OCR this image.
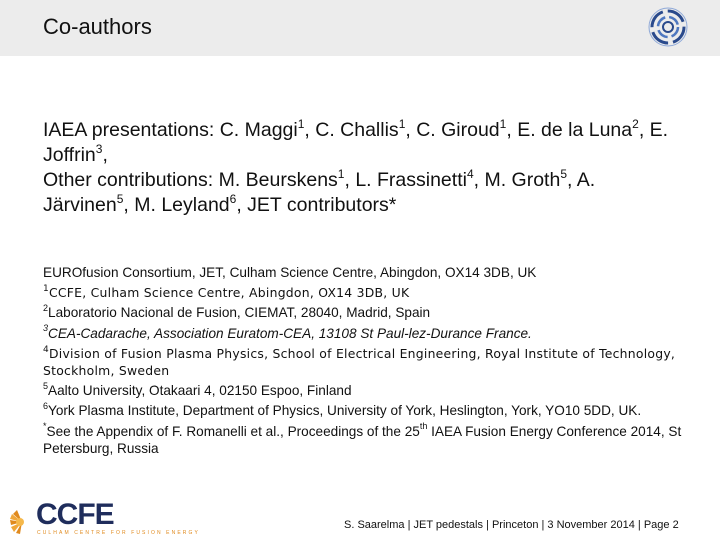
Co-authors

IAEA presentations: C. Maggi$^1$, C. Challis$^1$, C. Giroud$^1$, E. de la Luna$^2$, E. Joffrin$^3$,

Other contributions: M. Beurskens$^1$, L. Frassinetti$^4$, M. Groth$^5$, A. Järvinen$^5$, M. Leyland$^6$, JET contributors*

EUROfusion Consortium, JET, Culham Science Centre, Abingdon, OX14 3DB, UK
$^1$CCFE, Culham Science Centre, Abingdon, OX14 3DB, UK
$^2$Laboratorio Nacional de Fusion, CIEMAT, 28040, Madrid, Spain
$^3$CEA-Cadarache, Association Euratom-CEA, 13108 St Paul-lez-Durance France.
$^4$Division of Fusion Plasma Physics, School of Electrical Engineering, Royal Institute of Technology, Stockholm, Sweden
$^5$Aalto University, Otakaari 4, 02150 Espoo, Finland
$^6$York Plasma Institute, Department of Physics, University of York, Heslington, York, YO10 5DD, UK.
*See the Appendix of F. Romanelli et al., Proceedings of the 25th IAEA Fusion Energy Conference 2014, St Petersburg, Russia
CCFE
CULHAM CENTRE FOR FUSION ENERGY
S. Saarelma | JET pedestals | Princeton | 3 November 2014 | Page 2
